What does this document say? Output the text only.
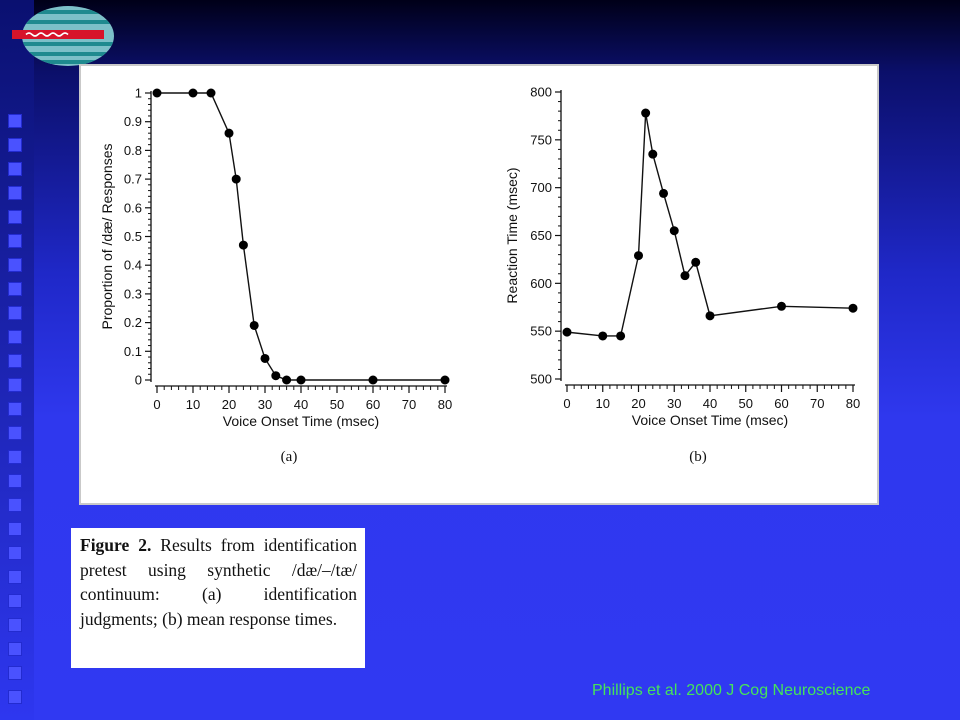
0
0.1
0.2
0.3
0.4
0.5
0.6
0.7
0.8
0.9
1
0 10 20 30 40 50 60 70 80
Voice Onset Time (msec)
Proportion of /dæ/ Responses
(a)
500
550
600
650
700
750
800
0 10 20 30 40 50 60 70 80
Voice Onset Time (msec)
Reaction Time (msec)
(b)

Figure 2. Results from identification pretest using synthetic /dæ/–/tæ/ continuum: (a) identification judgments; (b) mean response times.

Phillips et al. 2000 J Cog Neuroscience
